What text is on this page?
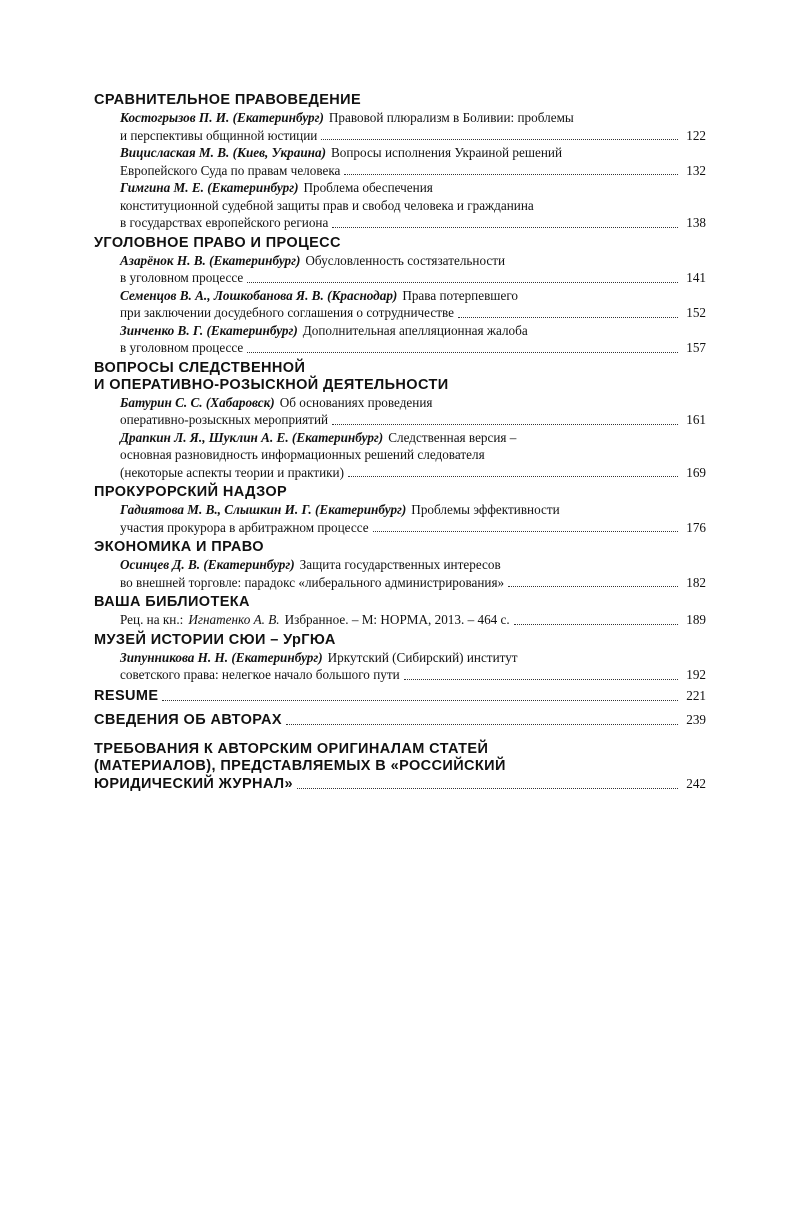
СРАВНИТЕЛЬНОЕ ПРАВОВЕДЕНИЕ
Костогрызов П. И. (Екатеринбург) Правовой плюрализм в Боливии: проблемы
и перспективы общинной юстиции	122
Вицислаская М. В. (Киев, Украина) Вопросы исполнения Украиной решений
Европейского Суда по правам человека	132
Гимгина М. Е. (Екатеринбург) Проблема обеспечения
конституционной судебной защиты прав и свобод человека и гражданина
в государствах европейского региона	138
УГОЛОВНОЕ ПРАВО И ПРОЦЕСС
Азарёнок Н. В. (Екатеринбург) Обусловленность состязательности
в уголовном процессе	141
Семенцов В. А., Лошкобанова Я. В. (Краснодар) Права потерпевшего
при заключении досудебного соглашения о сотрудничестве	152
Зинченко В. Г. (Екатеринбург) Дополнительная апелляционная жалоба
в уголовном процессе	157
ВОПРОСЫ СЛЕДСТВЕННОЙ
И ОПЕРАТИВНО-РОЗЫСКНОЙ ДЕЯТЕЛЬНОСТИ
Батурин С. С. (Хабаровск) Об основаниях проведения
оперативно-розыскных мероприятий	161
Драпкин Л. Я., Шуклин А. Е. (Екатеринбург) Следственная версия –
основная разновидность информационных решений следователя
(некоторые аспекты теории и практики)	169
ПРОКУРОРСКИЙ НАДЗОР
Гадиятова М. В., Слышкин И. Г. (Екатеринбург) Проблемы эффективности
участия прокурора в арбитражном процессе	176
ЭКОНОМИКА И ПРАВО
Осинцев Д. В. (Екатеринбург) Защита государственных интересов
во внешней торговле: парадокс «либерального администрирования»	182
ВАША БИБЛИОТЕКА
Рец. на кн.: Игнатенко А. В. Избранное. – М: НОРМА, 2013. – 464 с.	189
МУЗЕЙ ИСТОРИИ СЮИ – УрГЮА
Зипунникова Н. Н. (Екатеринбург) Иркутский (Сибирский) институт
советского права: нелегкое начало большого пути	192
RESUME	221
СВЕДЕНИЯ ОБ АВТОРАХ	239
ТРЕБОВАНИЯ К АВТОРСКИМ ОРИГИНАЛАМ СТАТЕЙ
(МАТЕРИАЛОВ), ПРЕДСТАВЛЯЕМЫХ В «РОССИЙСКИЙ
ЮРИДИЧЕСКИЙ ЖУРНАЛ»	242
